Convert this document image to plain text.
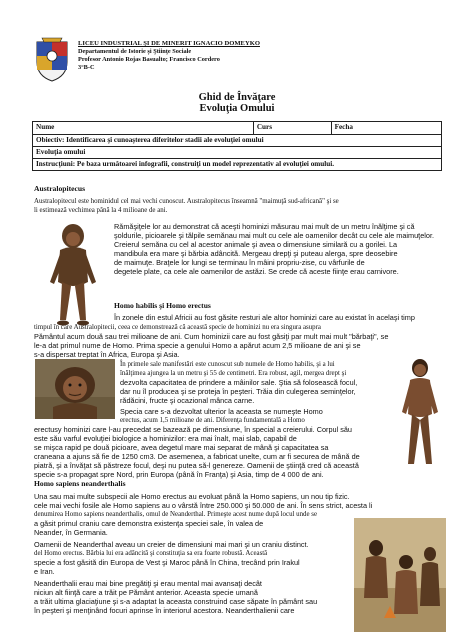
LICEU INDUSTRIAL ŞI DE MINERIT IGNACIO DOMEYKO
Departamentul de Istorie şi Ştiinţe Sociale
Profesor Antonio Rojas Basualto; Francisco Cordero
3°B-C
Ghid de Învăţare
Evoluţia Omului
Nume	Curs	Fecha
Obiectiv: Identificarea şi cunoaşterea diferitelor stadii ale evoluţiei omului
Evoluţia omului
Instrucţiuni: Pe baza următoarei infografii, construiţi un model reprezentativ al evoluţiei omului.
Australopitecus
Australopitecul este hominidul cel mai vechi cunoscut. Australopitecus înseamnă "maimuţă sud-africană" şi se
li estimează vechimea până la 4 milioane de ani.
Rămăşiţele lor au demonstrat că aceşti hominizi măsurau mai mult de un metru înălţime şi că
şoldurile, picioarele şi tălpile semănau mai mult cu cele ale oamenilor decât cu cele ale maimuţelor.
Creierul semăna cu cel al acestor animale şi avea o dimensiune similară cu a gorilei. La
mandibula era mare şi bărbia adâncită. Mergeau drepţi şi puteau alerga, spre deosebire
de maimuţe. Braţele lor lungi se terminau în mâini propriu-zise, cu vârfurile de
degetele plate, ca cele ale oamenilor de astăzi. Se crede că aceste fiinţe erau carnivore.
Homo habilis şi Homo erectus
În zonele din estul Africii au fost găsite resturi ale altor hominizi care au existat în acelaşi timp
timpul în care Australopitecii, ceea ce demonstrează că această specie de hominizi nu era singura asupra
Pământul acum două sau trei milioane de ani. Cum hominizii care au fost găsiţi par mult mai mult "bărbaţi", se
le-a dat primul nume de Homo. Prima specie a genului Homo a apărut acum 2,5 milioane de ani şi se
s-a dispersat treptat în Africa, Europa şi Asia.
În primele sale manifestări este cunoscut sub numele de Homo habilis, şi a lui
înălţimea ajungea la un metru şi 55 de centimetri. Era robust, agil, mergea drept şi
dezvolta capacitatea de prindere a mâinilor sale. Ştia să folosească focul,
dar nu îl producea şi se proteja în peşteri. Trăia din culegerea seminţelor,
rădăcini, fructe şi ocazional mânca carne.
Specia care s-a dezvoltat ulterior la aceasta se numeşte Homo
erectus, acum 1,5 milioane de ani. Diferenţa fundamentală a Homo
erectusy hominizi care l-au precedat se bazează pe dimensiune, în special a creierului. Corpul său
este său varful evoluţiei biologice a hominizilor: era mai înalt, mai slab, capabil de
se mişca rapid pe două picioare, avea degetul mare mai separat de mână şi capacitatea sa
craneana a ajuns să fie de 1250 cm3. De asemenea, a fabricat unelte, cum ar fi securea de mână de
piatră, şi a învăţat să păstreze focul, deşi nu putea să-l genereze. Oamenii de ştiinţă cred că această
specie s-a propagat spre Nord, prin Europa (până în Franţa) şi Asia, timp de 4 000 de ani.
Homo sapiens neanderthalis
Una sau mai multe subspecii ale Homo erectus au evoluat până la Homo sapiens, un nou tip fizic.
cele mai vechi fosile ale Homo sapiens au o vârstă între 250.000 şi 50.000 de ani. În sens strict, acesta li
denumirea Homo sapiens neanderthalis, omul de Neanderthal. Primeşte acest nume după locul unde se
a găsit primul craniu care demonstra existenţa speciei sale, în valea de
Neander, în Germania.
Oamenii de Neanderthal aveau un creier de dimensiuni mai mari şi un craniu distinct.
del Homo erectus. Bărbia lui era adâncită şi constituţia sa era foarte robustă. Această
specie a fost găsită din Europa de Vest şi Maroc până în China, trecând prin Irakul
e Iran.
Neanderthalii erau mai bine pregătiţi şi erau mental mai avansaţi decât
niciun alt fiinţă care a trăit pe Pământ anterior. Aceasta specie umană
a trăit ultima glaciaţiune şi s-a adaptat la aceasta construind case săpate în pământ sau
în peşteri şi menţinând focuri aprinse în interiorul acestora. Neanderthalienii care
